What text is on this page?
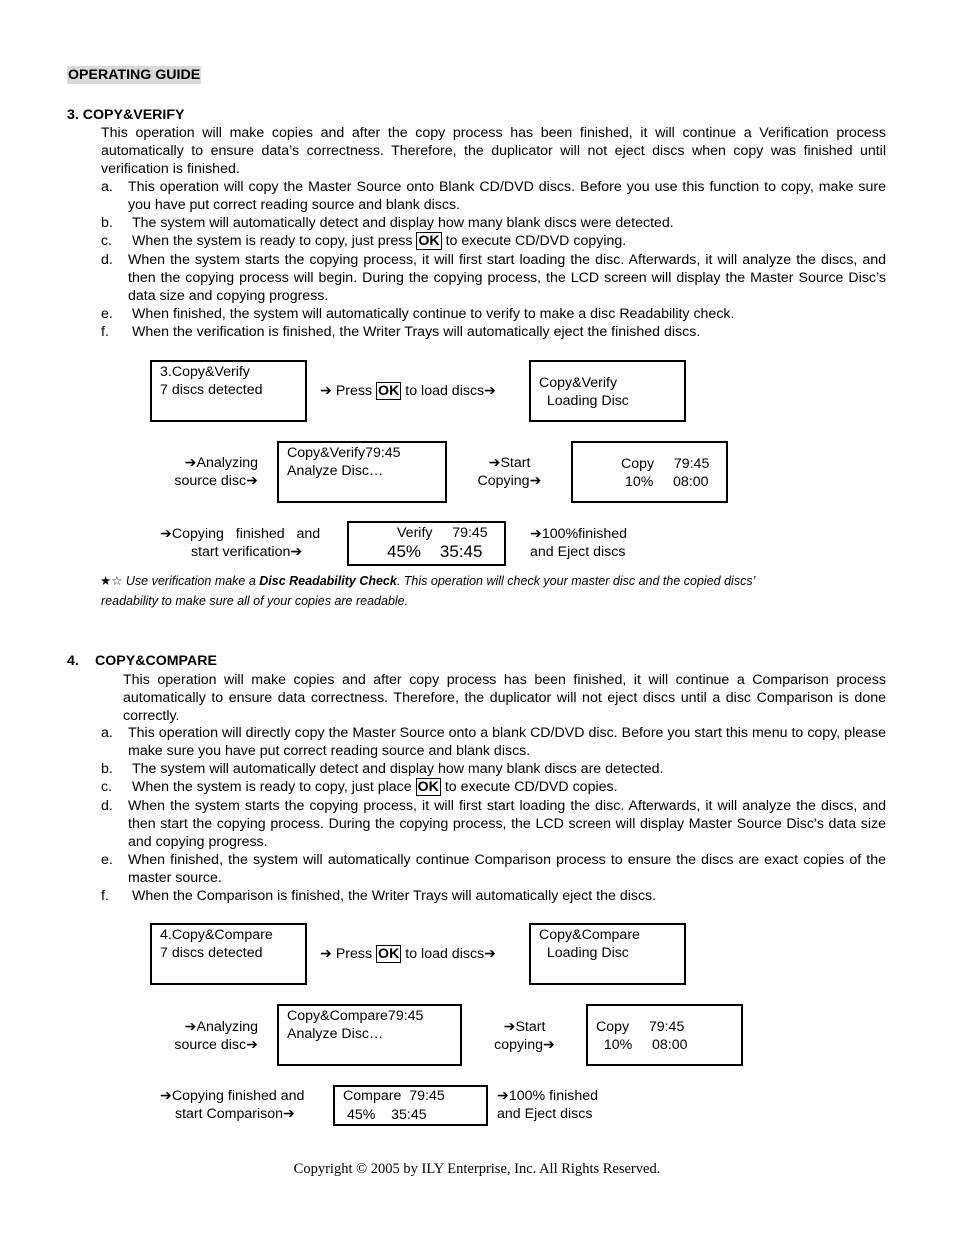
OPERATING GUIDE
3. COPY&VERIFY
This operation will make copies and after the copy process has been finished, it will continue a Verification process automatically to ensure data’s correctness. Therefore, the duplicator will not eject discs when copy was finished until verification is finished.
a. This operation will copy the Master Source onto Blank CD/DVD discs. Before you use this function to copy, make sure you have put correct reading source and blank discs.
b. The system will automatically detect and display how many blank discs were detected.
c. When the system is ready to copy, just press OK to execute CD/DVD copying.
d. When the system starts the copying process, it will first start loading the disc. Afterwards, it will analyze the discs, and then the copying process will begin. During the copying process, the LCD screen will display the Master Source Disc’s data size and copying progress.
e. When finished, the system will automatically continue to verify to make a disc Readability check.
f. When the verification is finished, the Writer Trays will automatically eject the finished discs.
3.Copy&Verify
7 discs detected	➔ Press OK to load discs➔	Copy&Verify
Loading Disc
➔Analyzing
source disc➔
Copy&Verify79:45
Analyze Disc…	➔Start
Copying➔
Copy     79:45
10%     08:00
➔Copying   finished   and
start verification➔
Verify     79:45
45%    35:45
➔100%finished
and Eject discs
★☆ Use verification make a Disc Readability Check. This operation will check your master disc and the copied discs’
readability to make sure all of your copies are readable.
4. COPY&COMPARE
This operation will make copies and after copy process has been finished, it will continue a Comparison process automatically to ensure data correctness. Therefore, the duplicator will not eject discs until a disc Comparison is done correctly.
a. This operation will directly copy the Master Source onto a blank CD/DVD disc. Before you start this menu to copy, please make sure you have put correct reading source and blank discs.
b. The system will automatically detect and display how many blank discs are detected.
c. When the system is ready to copy, just place OK to execute CD/DVD copies.
d. When the system starts the copying process, it will first start loading the disc. Afterwards, it will analyze the discs, and then start the copying process. During the copying process, the LCD screen will display Master Source Disc’s data size and copying progress.
e. When finished, the system will automatically continue Comparison process to ensure the discs are exact copies of the master source.
f. When the Comparison is finished, the Writer Trays will automatically eject the discs.
4.Copy&Compare
7 discs detected	➔ Press OK to load discs➔
Copy&Compare
Loading Disc
➔Analyzing
source disc➔
Copy&Compare79:45
Analyze Disc…	➔Start
copying➔
Copy     79:45
10%     08:00
➔Copying finished and
start Comparison➔
Compare  79:45
45%    35:45
➔100% finished
and Eject discs
Copyright © 2005 by ILY Enterprise, Inc. All Rights Reserved.
